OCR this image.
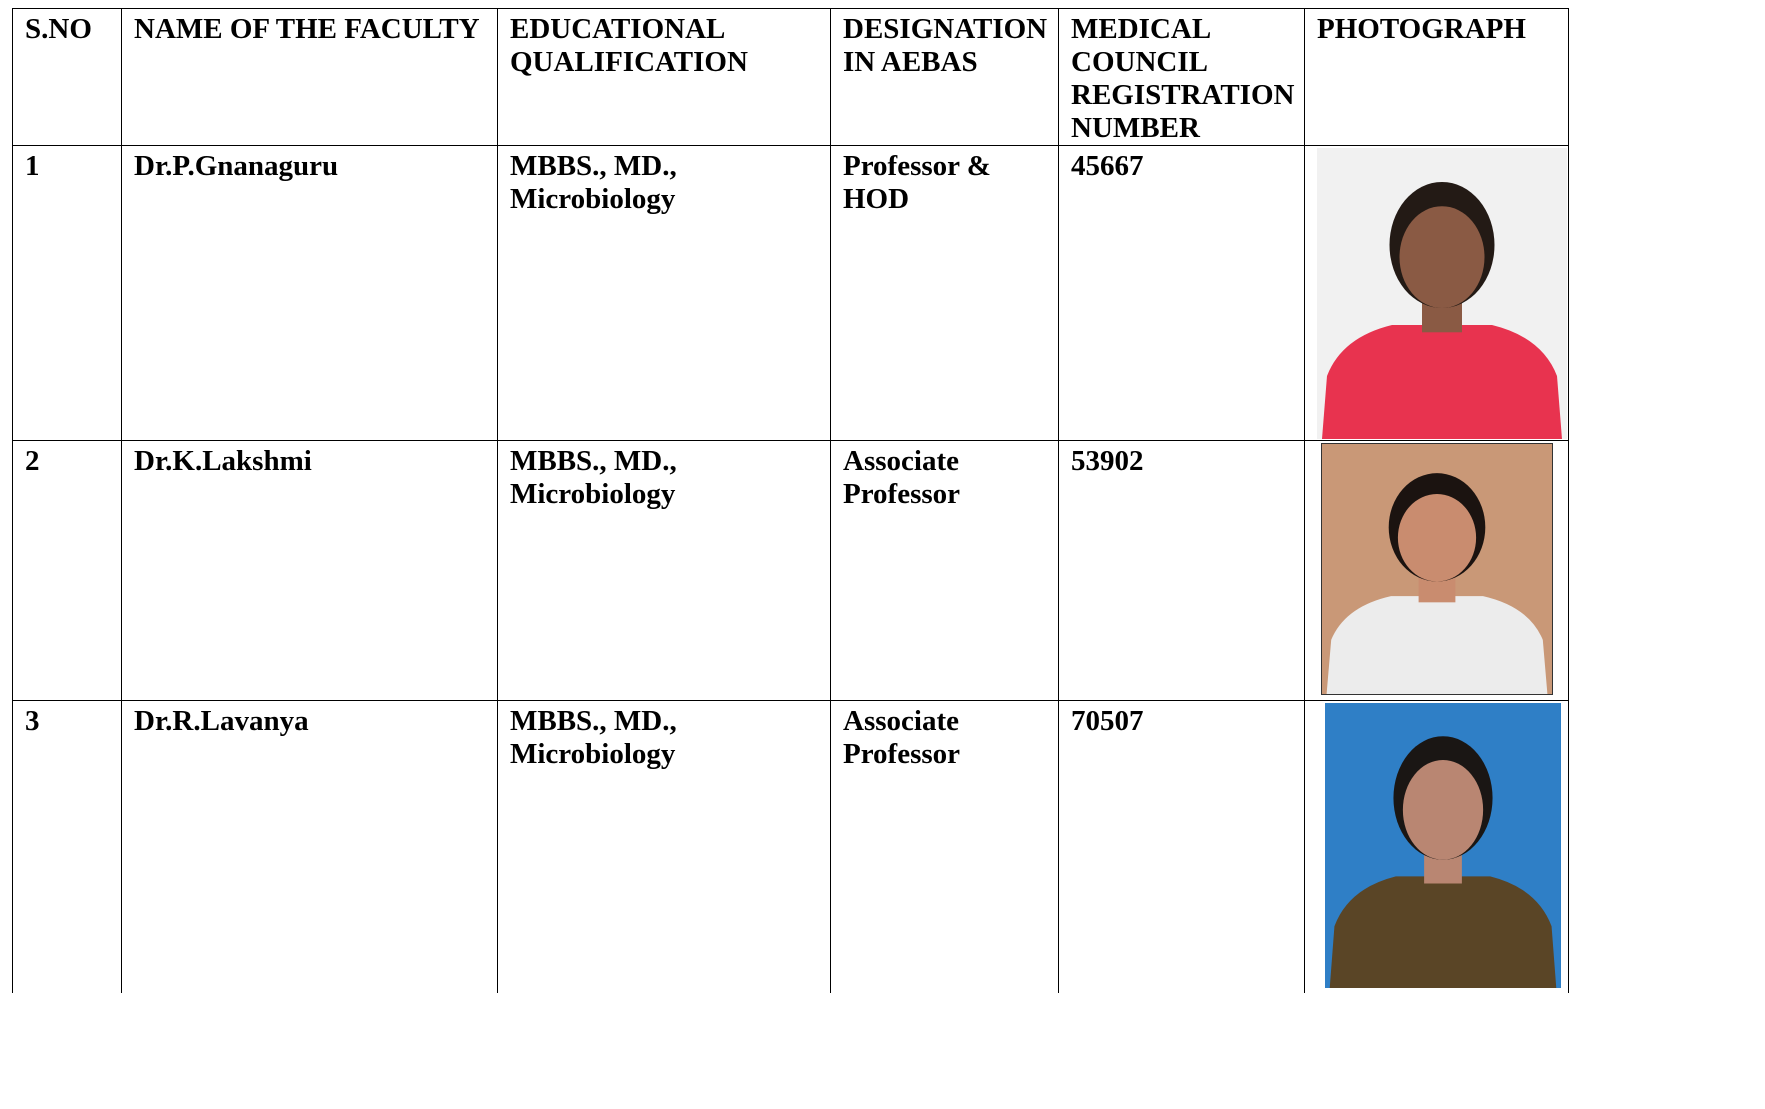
S.NO	NAME OF THE FACULTY	EDUCATIONAL QUALIFICATION	DESIGNATION IN AEBAS	MEDICAL COUNCIL REGISTRATION NUMBER	PHOTOGRAPH
1	Dr.P.Gnanaguru	MBBS., MD., Microbiology	Professor & HOD	45667	

2	Dr.K.Lakshmi	MBBS., MD., Microbiology	Associate Professor	53902	

3	Dr.R.Lavanya	MBBS., MD., Microbiology	Associate Professor	70507	
